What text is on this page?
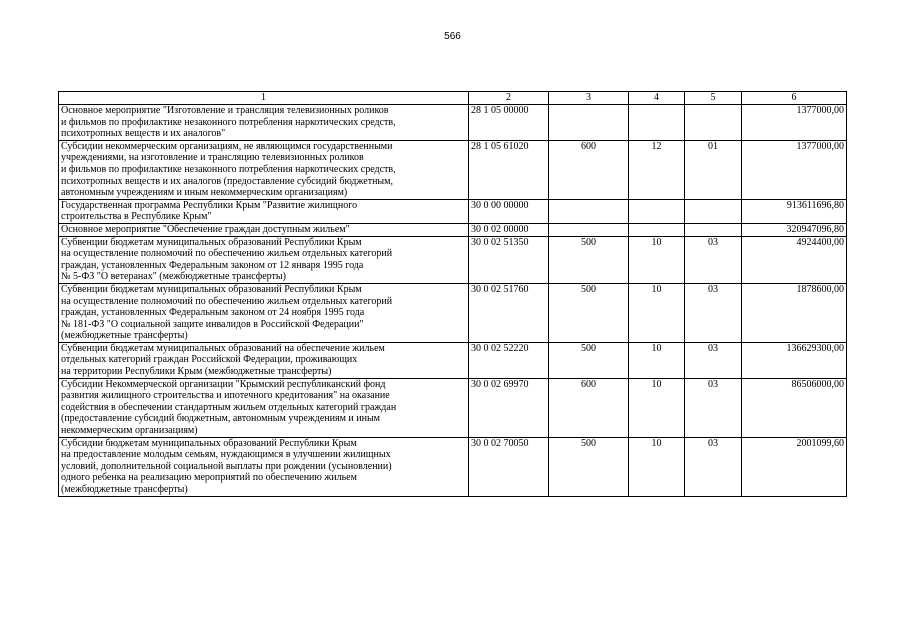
566
1	2	3	4	5	6
Основное мероприятие "Изготовление и трансляция телевизионных роликов
и фильмов по профилактике незаконного потребления наркотических средств,
психотропных веществ и их аналогов"	28 1 05 00000				1377000,00
Субсидии некоммерческим организациям, не являющимся государственными
учреждениями, на изготовление и трансляцию телевизионных роликов
и фильмов по профилактике незаконного потребления наркотических средств,
психотропных веществ и их аналогов (предоставление субсидий бюджетным,
автономным учреждениям и иным некоммерческим организациям)	28 1 05 61020	600	12	01	1377000,00
Государственная программа Республики Крым "Развитие жилищного
строительства в Республике Крым"	30 0 00 00000				913611696,80
Основное мероприятие "Обеспечение граждан доступным жильем"	30 0 02 00000				320947096,80
Субвенции бюджетам муниципальных образований Республики Крым
на осуществление полномочий по обеспечению жильем отдельных категорий
граждан, установленных Федеральным законом от 12 января 1995 года
№ 5-ФЗ "О ветеранах" (межбюджетные трансферты)	30 0 02 51350	500	10	03	4924400,00
Субвенции бюджетам муниципальных образований Республики Крым
на осуществление полномочий по обеспечению жильем отдельных категорий
граждан, установленных Федеральным законом от 24 ноября 1995 года
№ 181-ФЗ "О социальной защите инвалидов в Российской Федерации"
(межбюджетные трансферты)	30 0 02 51760	500	10	03	1878600,00
Субвенции бюджетам муниципальных образований на обеспечение жильем
отдельных категорий граждан Российской Федерации, проживающих
на территории Республики Крым (межбюджетные трансферты)	30 0 02 52220	500	10	03	136629300,00
Субсидии Некоммерческой организации "Крымский республиканский фонд
развития жилищного строительства и ипотечного кредитования" на оказание
содействия в обеспечении стандартным жильем отдельных категорий граждан
(предоставление субсидий бюджетным, автономным учреждениям и иным
некоммерческим организациям)	30 0 02 69970	600	10	03	86506000,00
Субсидии бюджетам муниципальных образований Республики Крым
на предоставление молодым семьям, нуждающимся в улучшении жилищных
условий, дополнительной социальной выплаты при рождении (усыновлении)
одного ребенка на реализацию мероприятий по обеспечению жильем
(межбюджетные трансферты)	30 0 02 70050	500	10	03	2001099,60
